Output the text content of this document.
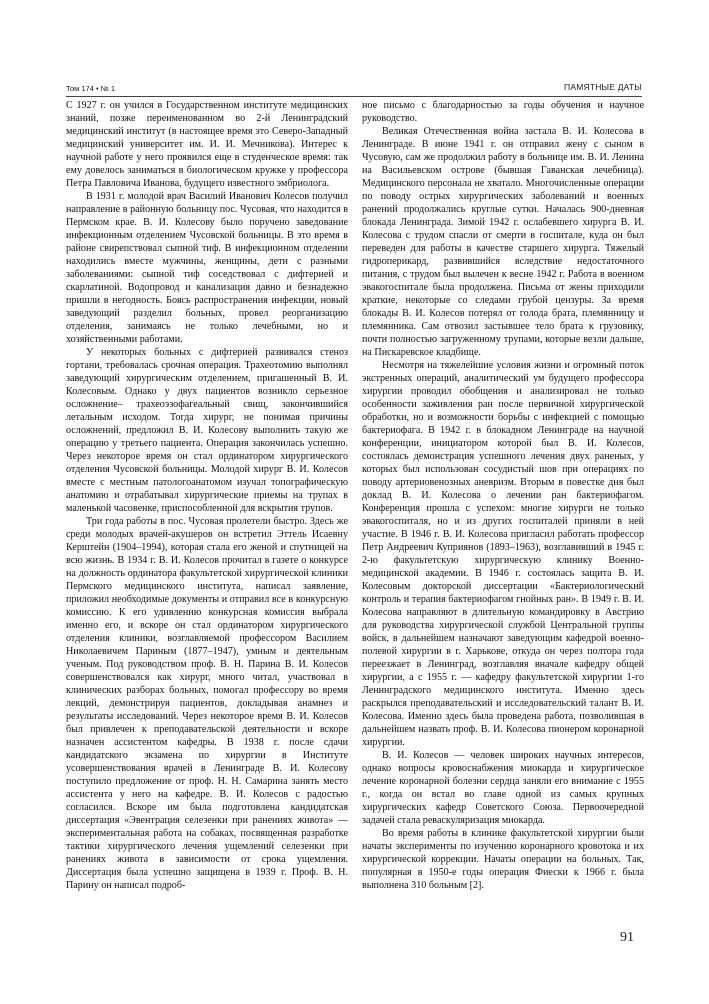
Том 174 • № 1	ПАМЯТНЫЕ ДАТЫ

С 1927 г. он учился в Государственном институте медицинских знаний, позже переименованном во 2-й Ленинградский медицинский институт (в настоящее время это Северо-Западный медицинский университет им. И. И. Мечникова). Интерес к научной работе у него проявился еще в студенческое время: так ему довелось заниматься в биологическом кружке у профессора Петра Павловича Иванова, будущего известного эмбриолога.

В 1931 г. молодой врач Василий Иванович Колесов получил направление в районную больницу пос. Чусовая, что находится в Пермском крае. В. И. Колесову было поручено заведование инфекционным отделением Чусовской больницы. В это время в районе свирепствовал сыпной тиф. В инфекционном отделении находились вместе мужчины, женщины, дети с разными заболеваниями: сыпной тиф соседствовал с дифтерией и скарлатиной. Водопровод и канализация давно и безнадежно пришли в негодность. Боясь распространения инфекции, новый заведующий разделил больных, провел реорганизацию отделения, занимаясь не только лечебными, но и хозяйственными работами.

У некоторых больных с дифтерией развивался стеноз гортани, требовалась срочная операция. Трахеотомию выполнял заведующий хирургическим отделением, пригашенный В. И. Колесовым. Однако у двух пациентов возникло серьезное осложнение– трахеоэзофагеальный свищ, закончившийся летальным исходом. Тогда хирург, не понимая причины осложнений, предложил В. И. Колесову выполнить такую же операцию у третьего пациента. Операция закончилась успешно. Через некоторое время он стал ординатором хирургического отделения Чусовской больницы. Молодой хирург В. И. Колесов вместе с местным патологоанатомом изучал топографическую анатомию и отрабатывал хирургические приемы на трупах в маленькой часовенке, приспособленной для вскрытия трупов.

Три года работы в пос. Чусовая пролетели быстро. Здесь же среди молодых врачей-акушеров он встретил Эттель Исаевну Керштейн (1904–1994), которая стала его женой и спутницей на всю жизнь. В 1934 г. В. И. Колесов прочитал в газете о конкурсе на должность ординатора факультетской хирургической клиники Пермского медицинского института, написал заявление, приложил необходимые документы и отправил все в конкурсную комиссию. К его удивлению конкурсная комиссия выбрала именно его, и вскоре он стал ординатором хирургического отделения клиники, возглавляемой профессором Василием Николаевичем Париным (1877–1947), умным и деятельным ученым. Под руководством проф. В. Н. Парина В. И. Колесов совершенствовался как хирург, много читал, участвовал в клинических разборах больных, помогал профессору во время лекций, демонстрируя пациентов, докладывая анамнез и результаты исследований. Через некоторое время В. И. Колесов был привлечен к преподавательской деятельности и вскоре назначен ассистентом кафедры. В 1938 г. после сдачи кандидатского экзамена по хирургии в Институте усовершенствования врачей в Ленинграде В. И. Колесову поступило предложение от проф. Н. Н. Самарина занять место ассистента у него на кафедре. В. И. Колесов с радостью согласился. Вскоре им была подготовлена кандидатская диссертация «Эвентрация селезенки при ранениях живота» — экспериментальная работа на собаках, посвященная разработке тактики хирургического лечения ущемлений селезенки при ранениях живота в зависимости от срока ущемления. Диссертация была успешно защищена в 1939 г. Проф. В. Н. Парину он написал подроб-

ное письмо с благодарностью за годы обучения и научное руководство.

Великая Отечественная война застала В. И. Колесова в Ленинграде. В июне 1941 г. он отправил жену с сыном в Чусовую, сам же продолжил работу в больнице им. В. И. Ленина на Васильевском острове (бывшая Гаванская лечебница). Медицинского персонала не хватало. Многочисленные операции по поводу острых хирургических заболеваний и военных ранений продолжались круглые сутки. Началась 900-дневная блокада Ленинграда. Зимой 1942 г. ослабевшего хирурга В. И. Колесова с трудом спасли от смерти в госпитале, куда он был переведен для работы в качестве старшего хирурга. Тяжелый гидроперикард, развившийся вследствие недостаточного питания, с трудом был вылечен к весне 1942 г. Работа в военном эвакогоспитале была продолжена. Письма от жены приходили краткие, некоторые со следами грубой цензуры. За время блокады В. И. Колесов потерял от голода брата, племянницу и племянника. Сам отвозил застывшее тело брата к грузовику, почти полностью загруженному трупами, которые везли дальше, на Пискаревское кладбище.

Несмотря на тяжелейшие условия жизни и огромный поток экстренных операций, аналитический ум будущего профессора хирургии проводил обобщения и анализировал не только особенности заживления ран после первичной хирургической обработки, но и возможности борьбы с инфекцией с помощью бактериофага. В 1942 г. в блокадном Ленинграде на научной конференции, инициатором которой был В. И. Колесов, состоялась демонстрация успешного лечения двух раненых, у которых был использован сосудистый шов при операциях по поводу артериовенозных аневризм. Вторым в повестке дня был доклад В. И. Колесова о лечении ран бактериофагом. Конференция прошла с успехом: многие хирурги не только эвакогоспиталя, но и из других госпиталей приняли в ней участие. В 1946 г. В. И. Колесова пригласил работать профессор Петр Андреевич Куприянов (1893–1963), возглавивший в 1945 г. 2-ю факультетскую хирургическую клинику Военно-медицинской академии. В 1946 г. состоялась защита В. И. Колесовым докторской диссертации «Бактериологический контроль и терапия бактериофагом гнойных ран». В 1949 г. В. И. Колесова направляют в длительную командировку в Австрию для руководства хирургической службой Центральной группы войск, в дальнейшем назначают заведующим кафедрой военно-полевой хирургии в г. Харькове, откуда он через полтора года переезжает в Ленинград, возглавляя вначале кафедру общей хирургии, а с 1955 г. — кафедру факультетской хирургии 1-го Ленинградского медицинского института. Именно здесь раскрылся преподавательский и исследовательский талант В. И. Колесова. Именно здесь была проведена работа, позволившая в дальнейшем назвать проф. В. И. Колесова пионером коронарной хирургии.

В. И. Колесов — человек широких научных интересов, однако вопросы кровоснабжения миокарда и хирургическое лечение коронарной болезни сердца заняли его внимание с 1955 г., когда он встал во главе одной из самых крупных хирургических кафедр Советского Союза. Первоочередной задачей стала реваскуляризация миокарда.

Во время работы в клинике факультетской хирургии были начаты эксперименты по изучению коронарного кровотока и их хирургической коррекции. Начаты операции на больных. Так, популярная в 1950-е годы операция Фиески к 1966 г. была выполнена 310 больным [2].

91
